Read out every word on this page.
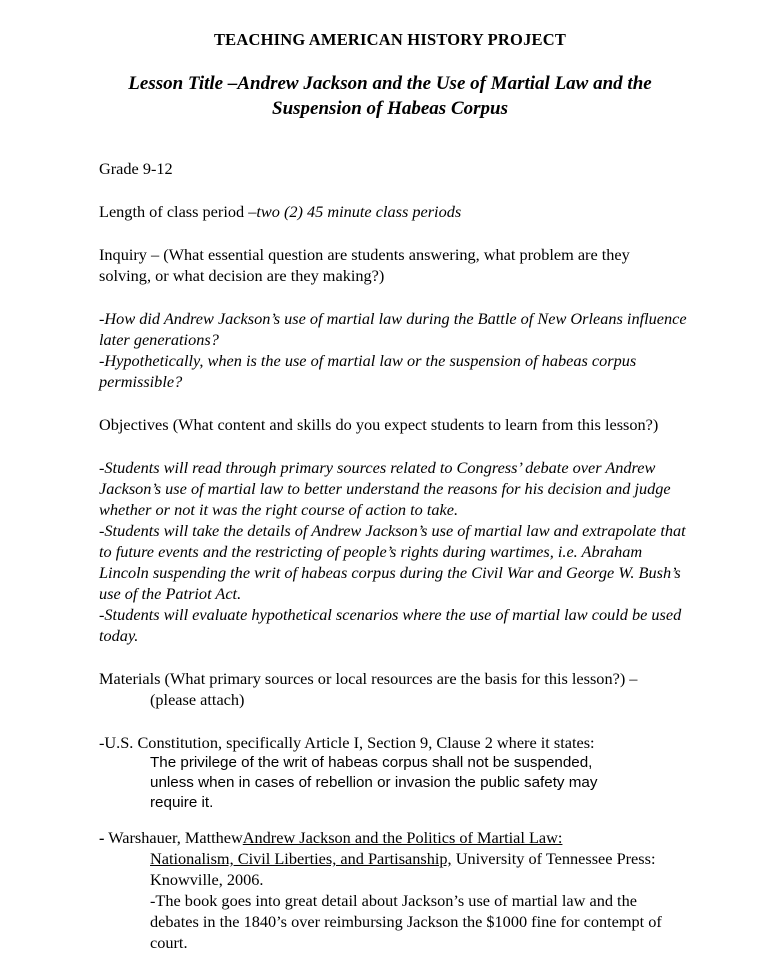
TEACHING AMERICAN HISTORY PROJECT
Lesson Title –Andrew Jackson and the Use of Martial Law and the Suspension of Habeas Corpus

Grade 9-12

Length of class period –two (2) 45 minute class periods

Inquiry – (What essential question are students answering, what problem are they solving, or what decision are they making?)

-How did Andrew Jackson’s use of martial law during the Battle of New Orleans influence later generations?

-Hypothetically, when is the use of martial law or the suspension of habeas corpus permissible?

Objectives (What content and skills do you expect students to learn from this lesson?)

-Students will read through primary sources related to Congress’ debate over Andrew Jackson’s use of martial law to better understand the reasons for his decision and judge whether or not it was the right course of action to take.

-Students will take the details of Andrew Jackson’s use of martial law and extrapolate that to future events and the restricting of people’s rights during wartimes, i.e. Abraham Lincoln suspending the writ of habeas corpus during the Civil War and George W. Bush’s use of the Patriot Act.

-Students will evaluate hypothetical scenarios where the use of martial law could be used today.

Materials (What primary sources or local resources are the basis for this lesson?) –

(please attach)

-U.S. Constitution, specifically Article I, Section 9, Clause 2 where it states:

The privilege of the writ of habeas corpus shall not be suspended, unless when in cases of rebellion or invasion the public safety may require it.

- Warshauer, MatthewAndrew Jackson and the Politics of Martial Law:

Nationalism, Civil Liberties, and Partisanship, University of Tennessee Press:

Knowville, 2006.

-The book goes into great detail about Jackson’s use of martial law and the debates in the 1840’s over reimbursing Jackson the $1000 fine for contempt of court.
